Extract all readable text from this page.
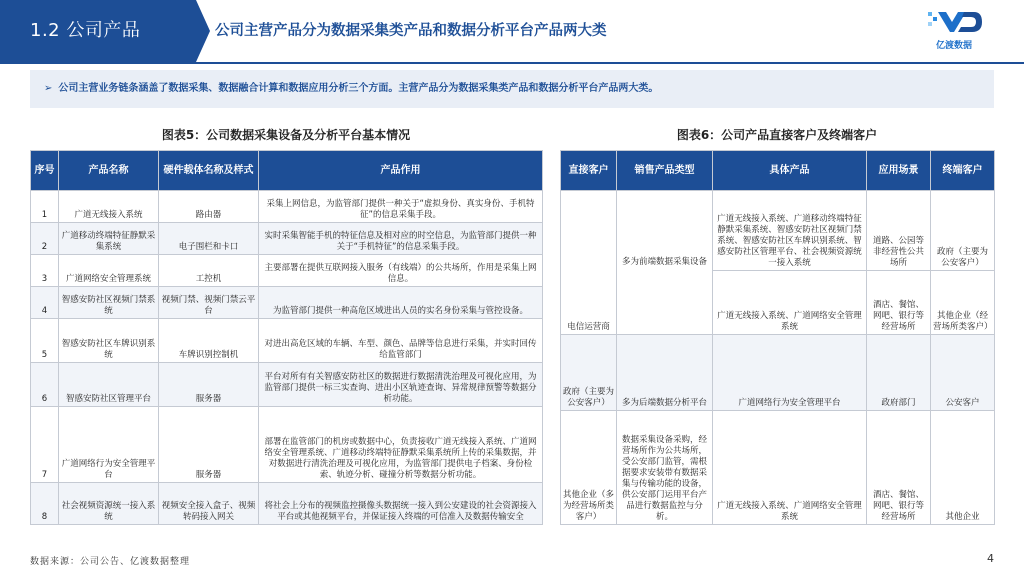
1.2 公司产品	公司主营产品分为数据采集类产品和数据分析平台产品两大类
亿渡数据
➢ 公司主营业务链条涵盖了数据采集、数据融合计算和数据应用分析三个方面。主营产品分为数据采集类产品和数据分析平台产品两大类。
图表5：公司数据采集设备及分析平台基本情况	图表6：公司产品直接客户及终端客户
序号	产品名称	硬件载体名称及样式	产品作用
1	广道无线接入系统	路由器	采集上网信息，为监管部门提供一种关于“虚拟身份、真实身份、手机特征”的信息采集手段。
2	广道移动终端特征静默采集系统	电子围栏和卡口	实时采集智能手机的特征信息及相对应的时空信息，为监管部门提供一种关于“手机特征”的信息采集手段。
3	广道网络安全管理系统	工控机	主要部署在提供互联网接入服务（有线端）的公共场所，作用是采集上网信息。
4	智感安防社区视频门禁系统	视频门禁、视频门禁云平台	为监管部门提供一种高危区域进出人员的实名身份采集与管控设备。
5	智感安防社区车牌识别系统	车牌识别控制机	对进出高危区域的车辆、车型、颜色、品牌等信息进行采集，并实时回传给监管部门
6	智感安防社区管理平台	服务器	平台对所有有关智感安防社区的数据进行数据清洗治理及可视化应用，为监管部门提供一标三实查询、进出小区轨迹查询、异常规律预警等数据分析功能。
7	广道网络行为安全管理平台	服务器	部署在监管部门的机房或数据中心，负责接收广道无线接入系统、广道网络安全管理系统、广道移动终端特征静默采集系统所上传的采集数据，并对数据进行清洗治理及可视化应用，为监管部门提供电子档案、身份检索、轨迹分析、碰撞分析等数据分析功能。
8	社会视频资源统一接入系统	视频安全接入盒子、视频转码接入网关	将社会上分布的视频监控摄像头数据统一接入到公安建设的社会资源接入平台或其他视频平台，并保证接入终端的可信准入及数据传输安全
直接客户	销售产品类型	具体产品	应用场景	终端客户
电信运营商	多为前端数据采集设备	广道无线接入系统、广道移动终端特征静默采集系统、智感安防社区视频门禁系统、智感安防社区车牌识别系统、智感安防社区管理平台、社会视频资源统一接入系统	道路、公园等非经营性公共场所	政府（主要为公安客户）
		广道无线接入系统、广道网络安全管理系统	酒店、餐馆、网吧、银行等经营场所	其他企业（经营场所类客户）
政府（主要为公安客户）	多为后端数据分析平台	广道网络行为安全管理平台	政府部门	公安客户
其他企业（多为经营场所类客户）	数据采集设备采购，经营场所作为公共场所，受公安部门监管，需根据要求安装带有数据采集与传输功能的设备，供公安部门运用平台产品进行数据监控与分析。	广道无线接入系统、广道网络安全管理系统	酒店、餐馆、网吧、银行等经营场所	其他企业
数据来源：公司公告、亿渡数据整理	4
